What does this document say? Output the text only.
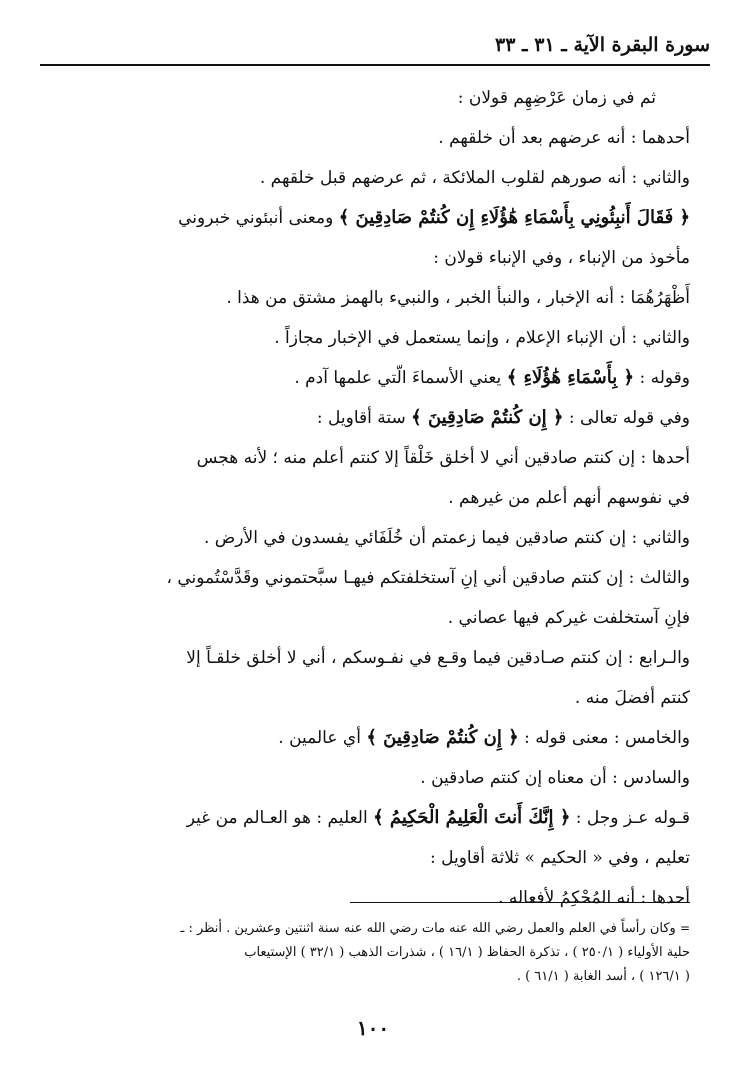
سورة البقرة الآية ـ ٣١ ـ ٣٣

ثم في زمان عَرْضِهِم قولان :

أحدهما : أنه عرضهم بعد أن خلقهم .

والثاني : أنه صورهم لقلوب الملائكة ، ثم عرضهم قبل خلقهم .

﴿ فَقَالَ أَنبِئُونِي بِأَسْمَاءِ هَٰؤُلَاءِ إِن كُنتُمْ صَادِقِينَ ﴾ ومعنى أنبئوني خبروني

مأخوذ من الإنباء ، وفي الإنباء قولان :

أَظْهَرُهُمَا : أنه الإخبار ، والنبأ الخبر ، والنبيء بالهمز مشتق من هذا .

والثاني : أن الإنباء الإعلام ، وإنما يستعمل في الإخبار مجازاً .

وقوله : ﴿ بِأَسْمَاءِ هَٰؤُلَاءِ ﴾ يعني الأسماءَ الّتي علمها آدم .

وفي قوله تعالى : ﴿ إِن كُنتُمْ صَادِقِينَ ﴾ ستة أقاويل :

أحدها : إن كنتم صادقين أني لا أخلق خَلْقاً إلا كنتم أعلم منه ؛ لأنه هجس

في نفوسهم أنهم أعلم من غيرهم .

والثاني : إن كنتم صادقين فيما زعمتم أن خُلَفَائي يفسدون في الأرض .

والثالث : إن كنتم صادقين أني إنِ آستخلفتكم فيهـا سبَّحتموني وقَدَّسْتُموني ،

فإنِ آستخلفت غيركم فيها عصاني .

والـرابع : إن كنتم صـادقين فيما وقـع في نفـوسكم ، أني لا أخلق خلقـاً إلا

كنتم أفضلَ منه .

والخامس : معنى قوله : ﴿ إِن كُنتُمْ صَادِقِينَ ﴾ أي عالمين .

والسادس : أن معناه إن كنتم صادقين .

قـوله عـز وجل : ﴿ إِنَّكَ أَنتَ الْعَلِيمُ الْحَكِيمُ ﴾ العليم : هو العـالم من غير

تعليم ، وفي « الحكيم » ثلاثة أقاويل :

أحدها : أنه المُحْكِمُ لأفعاله .

= وكان رأساً في العلم والعمل رضي الله عنه مات رضي الله عنه سنة اثنتين وعشرين . أنظر : ـ

حلية الأولياء ( ٢٥٠/١ ) ، تذكرة الحفاظ ( ١٦/١ ) ، شذرات الذهب ( ٣٢/١ ) الإستيعاب

( ١٢٦/١ ) ، أسد الغابة ( ٦١/١ ) .

١٠٠
